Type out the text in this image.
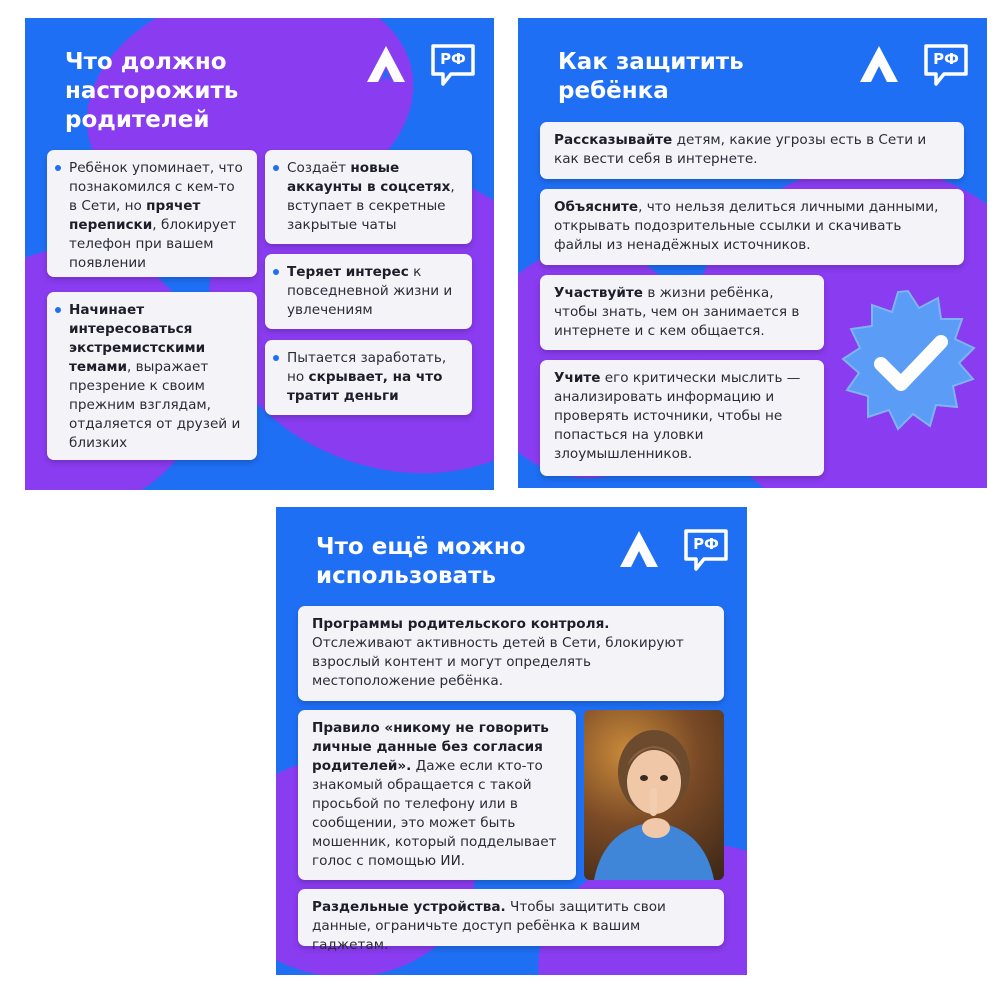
Что должно
насторожить
родителей
РФ
Ребёнок упоминает, что познакомился с кем-то в Сети, но прячет переписки, блокирует телефон при вашем появлении
Начинает интересоваться экстремистскими темами, выражает презрение к своим прежним взглядам, отдаляется от друзей и близких
Создаёт новые аккаунты в соцсетях, вступает в секретные закрытые чаты
Теряет интерес к повседневной жизни и увлечениям
Пытается заработать, но скрывает, на что тратит деньги
Как защитить
ребёнка
РФ
Рассказывайте детям, какие угрозы есть в Сети и как вести себя в интернете.
Объясните, что нельзя делиться личными данными, открывать подозрительные ссылки и скачивать файлы из ненадёжных источников.
Участвуйте в жизни ребёнка, чтобы знать, чем он занимается в интернете и с кем общается.
Учите его критически мыслить — анализировать информацию и проверять источники, чтобы не попасться на уловки злоумышленников.
Что ещё можно
использовать
РФ
Программы родительского контроля. Отслеживают активность детей в Сети, блокируют взрослый контент и могут определять местоположение ребёнка.
Правило «никому не говорить личные данные без согласия родителей». Даже если кто-то знакомый обращается с такой просьбой по телефону или в сообщении, это может быть мошенник, который подделывает голос с помощью ИИ.
Раздельные устройства. Чтобы защитить свои данные, ограничьте доступ ребёнка к вашим гаджетам.
